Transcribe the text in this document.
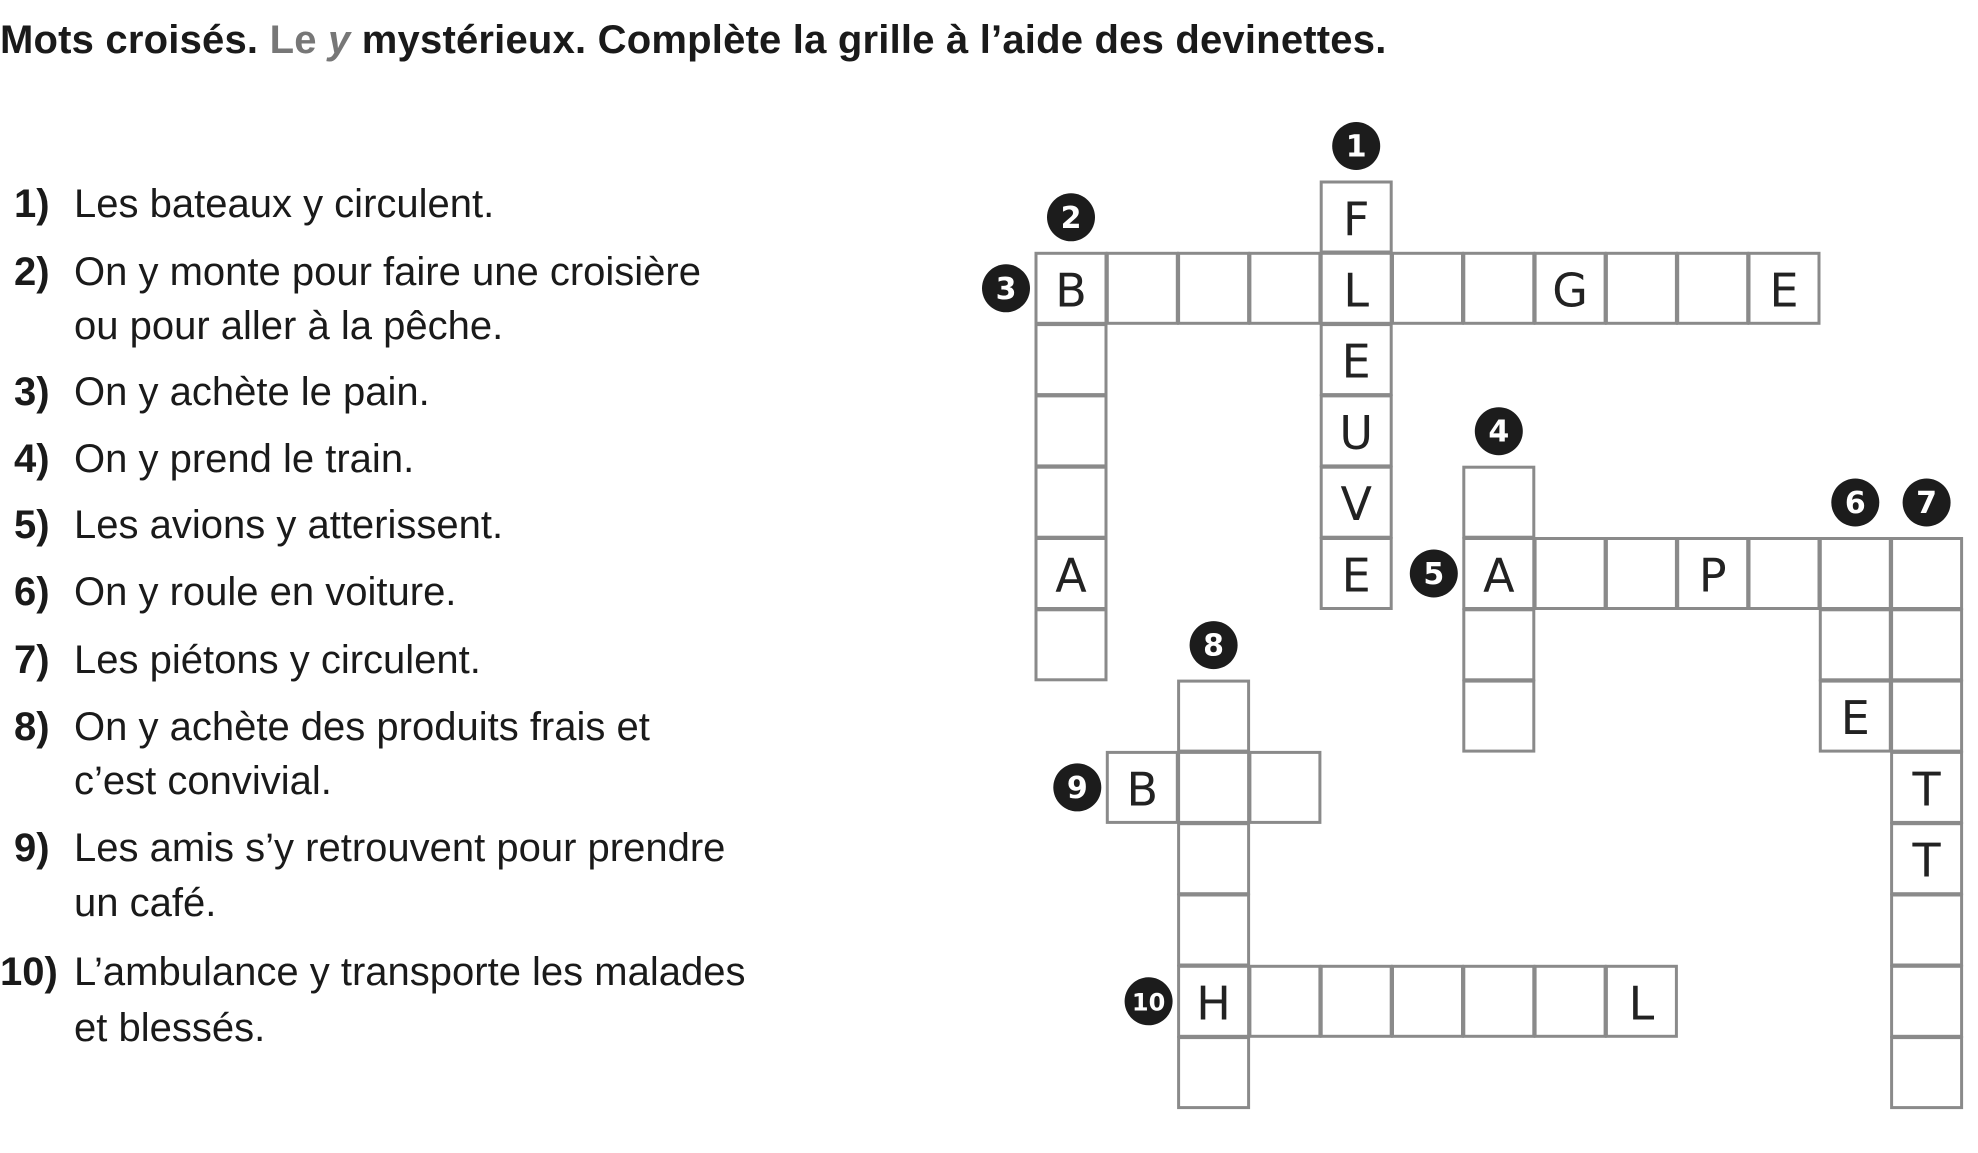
Mots croisés. Le y mystérieux. Complète la grille à l’aide des devinettes.
1) Les bateaux y circulent.
2) On y monte pour faire une croisière
ou pour aller à la pêche.
3) On y achète le pain.
4) On y prend le train.
5) Les avions y atterissent.
6) On y roule en voiture.
7) Les piétons y circulent.
8) On y achète des produits frais et
c’est convivial.
9) Les amis s’y retrouvent pour prendre
un café.
10) L’ambulance y transporte les malades
et blessés.
F
B	L	G	E
E
U
V
A	E A	P
E
B	T
T
H	L
1
2
3
4
5
6 7
8
9
10
